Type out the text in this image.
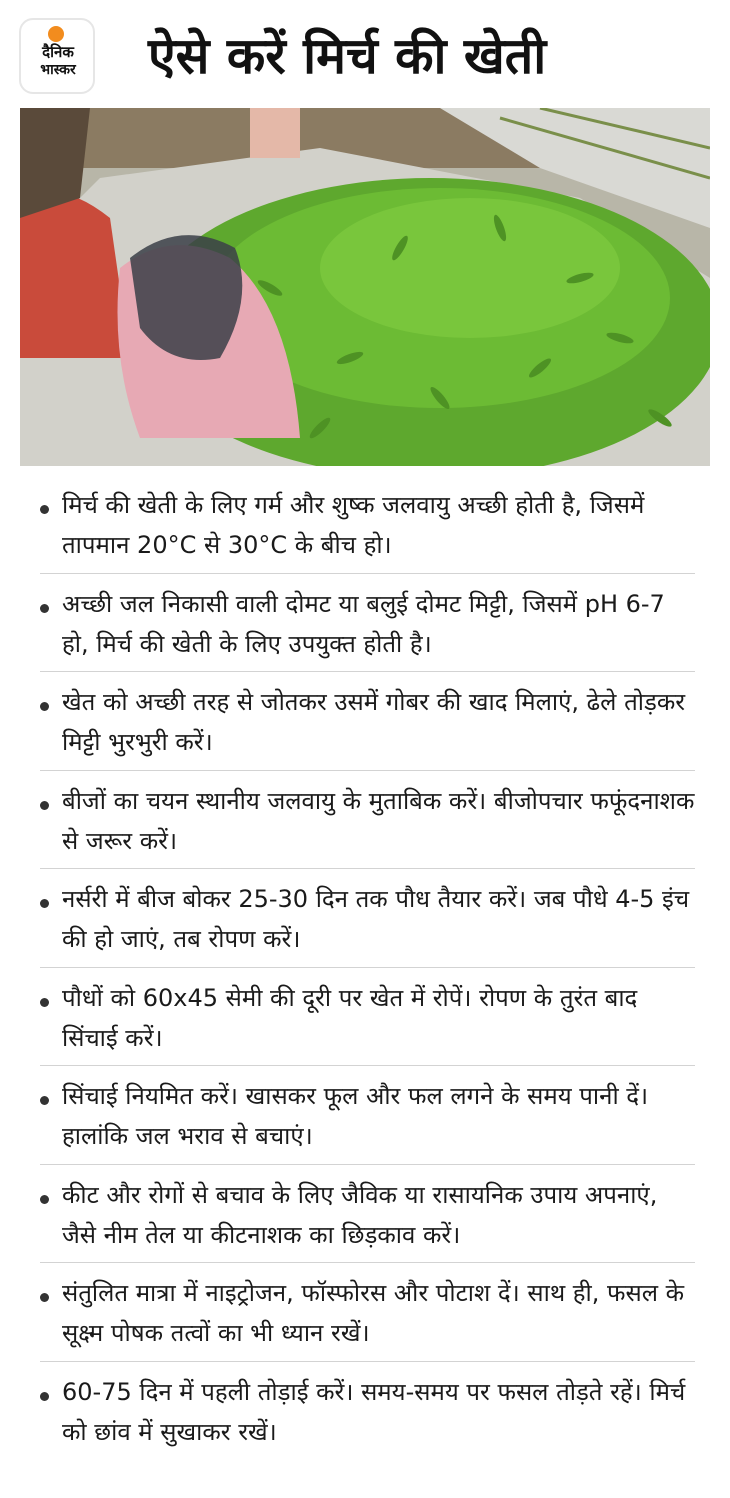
दैनिक
भास्कर ऐसे करें मिर्च की खेती
मिर्च की खेती के लिए गर्म और शुष्क जलवायु अच्छी होती है, जिसमें तापमान 20°C से 30°C के बीच हो।
अच्छी जल निकासी वाली दोमट या बलुई दोमट मिट्टी, जिसमें pH 6-7 हो, मिर्च की खेती के लिए उपयुक्त होती है।
खेत को अच्छी तरह से जोतकर उसमें गोबर की खाद मिलाएं, ढेले तोड़कर मिट्टी भुरभुरी करें।
बीजों का चयन स्थानीय जलवायु के मुताबिक करें। बीजोपचार फफूंदनाशक से जरूर करें।
नर्सरी में बीज बोकर 25-30 दिन तक पौध तैयार करें। जब पौधे 4-5 इंच की हो जाएं, तब रोपण करें।
पौधों को 60x45 सेमी की दूरी पर खेत में रोपें। रोपण के तुरंत बाद सिंचाई करें।
सिंचाई नियमित करें। खासकर फूल और फल लगने के समय पानी दें। हालांकि जल भराव से बचाएं।
कीट और रोगों से बचाव के लिए जैविक या रासायनिक उपाय अपनाएं, जैसे नीम तेल या कीटनाशक का छिड़काव करें।
संतुलित मात्रा में नाइट्रोजन, फॉस्फोरस और पोटाश दें। साथ ही, फसल के सूक्ष्म पोषक तत्वों का भी ध्यान रखें।
60-75 दिन में पहली तोड़ाई करें। समय-समय पर फसल तोड़ते रहें। मिर्च को छांव में सुखाकर रखें।
